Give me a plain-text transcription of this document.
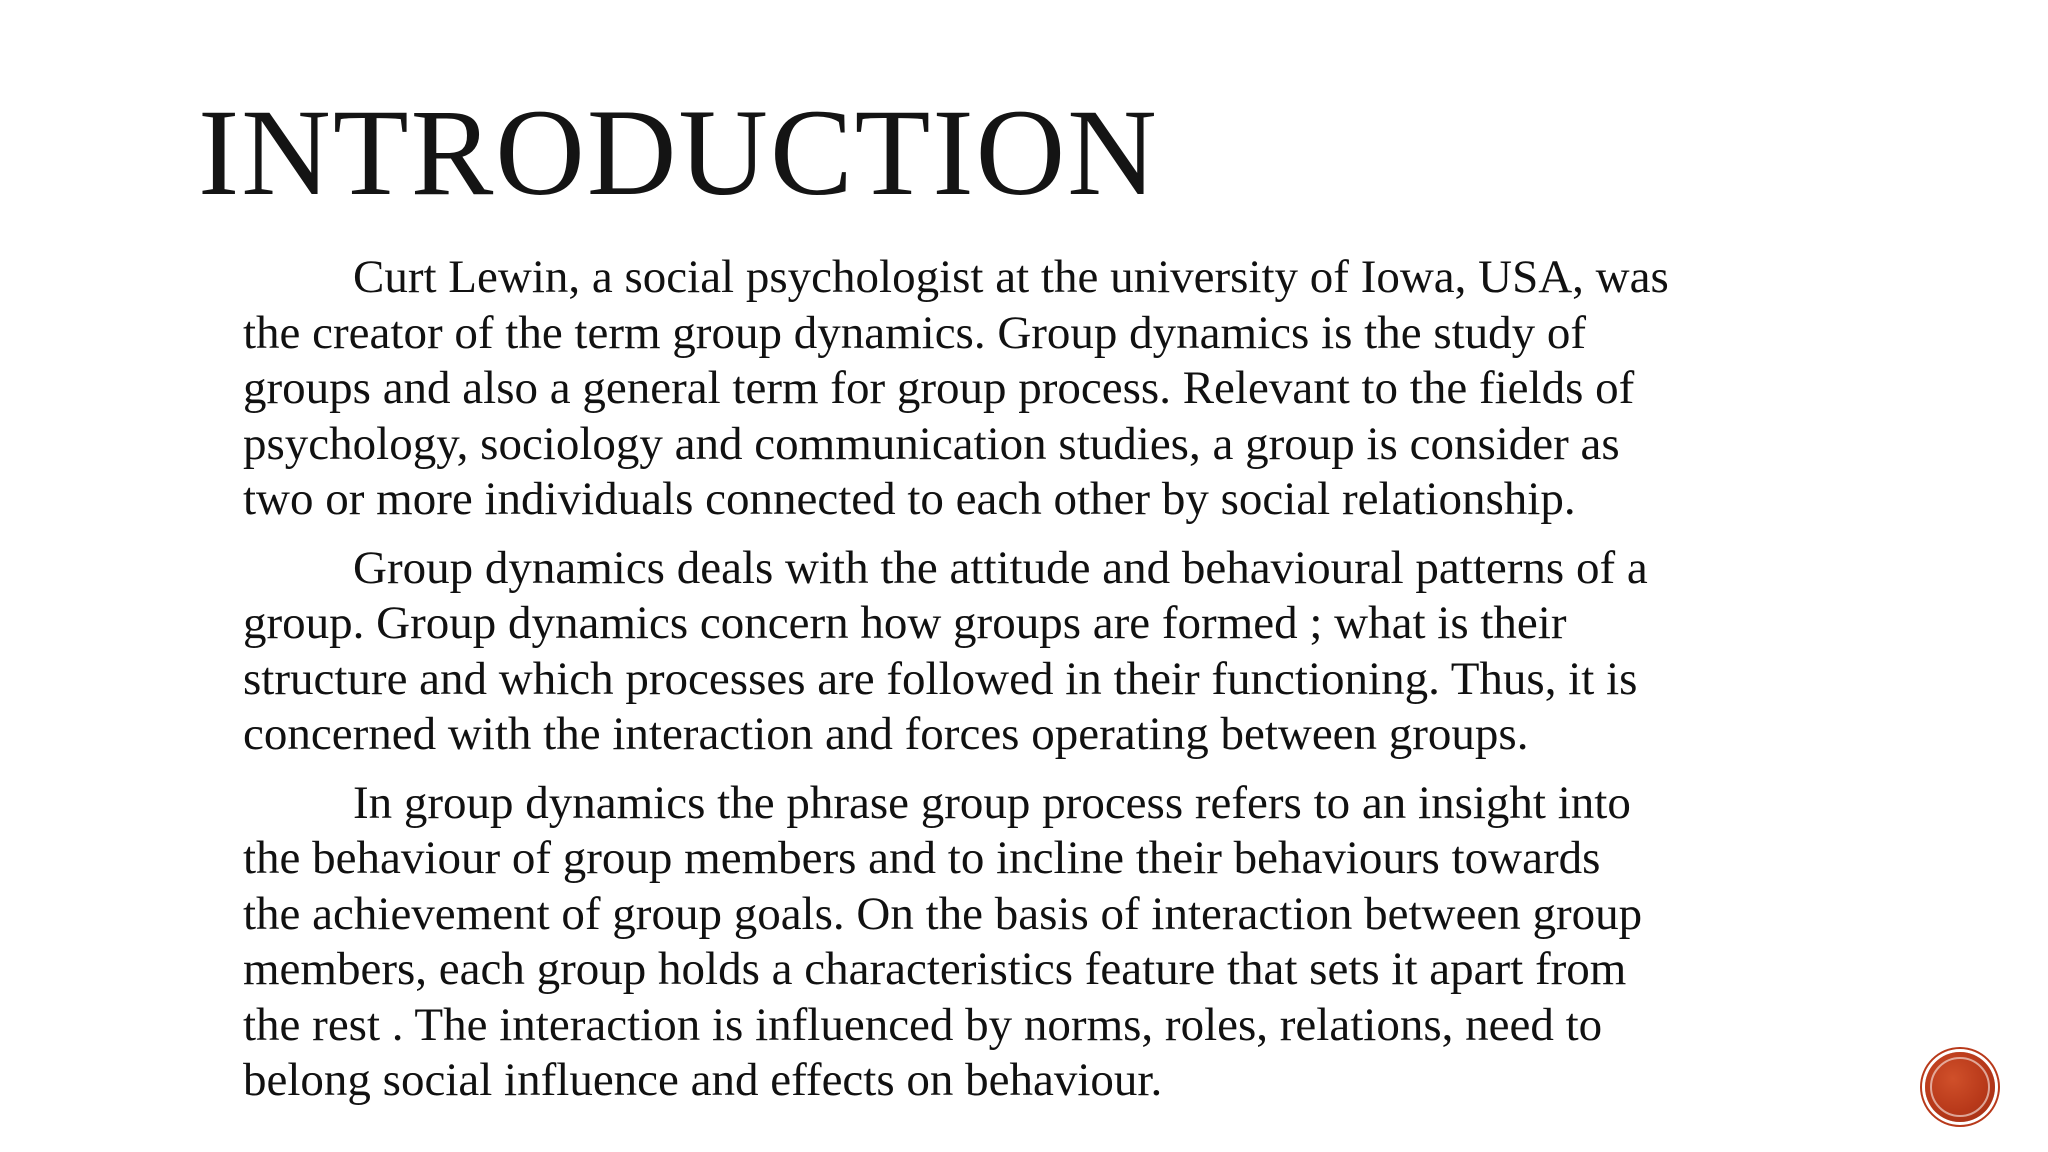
INTRODUCTION

Curt Lewin, a social psychologist at the university of Iowa, USA, was
the creator of the term group dynamics. Group dynamics is the study of
groups and also a general term for group process. Relevant to the fields of
psychology, sociology and communication studies, a group is consider as
two or more individuals connected to each other by social relationship.

Group dynamics deals with the attitude and behavioural patterns of a
group. Group dynamics concern how groups are formed ; what is their
structure and which processes are followed in their functioning. Thus, it is
concerned with the interaction and forces operating between groups.

In group dynamics the phrase group process refers to an insight into
the behaviour of group members and to incline their behaviours towards
the achievement of group goals. On the basis of interaction between group
members, each group holds a characteristics feature that sets it apart from
the rest . The interaction is influenced by norms, roles, relations, need to
belong social influence and effects on behaviour.
